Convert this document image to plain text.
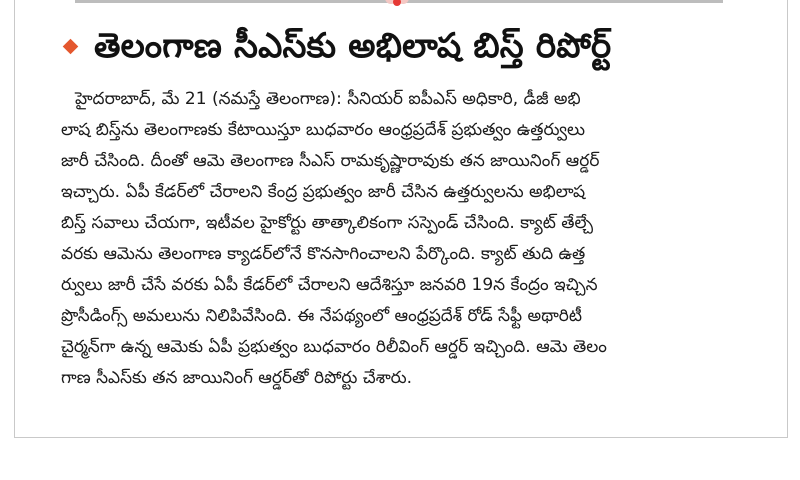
తెలంగాణ సీఎస్‌కు అభిలాష బిస్త్‌ రిపోర్ట్‌
హైదరాబాద్‌, మే 21 (నమస్తే తెలంగాణ): సీనియర్‌ ఐపీఎస్‌ అధికారి, డీజీ అభి
లాష బిస్త్‌ను తెలంగాణకు కేటాయిస్తూ బుధవారం ఆంధ్రప్రదేశ్‌ ప్రభుత్వం ఉత్తర్వులు
జారీ చేసింది. దీంతో ఆమె తెలంగాణ సీఎస్‌ రామకృష్ణారావుకు తన జాయినింగ్‌ ఆర్డర్‌
ఇచ్చారు. ఏపీ కేడర్‌లో చేరాలని కేంద్ర ప్రభుత్వం జారీ చేసిన ఉత్తర్వులను అభిలాష
బిస్త్‌ సవాలు చేయగా, ఇటీవల హైకోర్టు తాత్కాలికంగా సస్పెండ్‌ చేసింది. క్యాట్‌ తేల్చే
వరకు ఆమెను తెలంగాణ క్యాడర్‌లోనే కొనసాగించాలని పేర్కొంది. క్యాట్‌ తుది ఉత్త
ర్వులు జారీ చేసే వరకు ఏపీ కేడర్‌లో చేరాలని ఆదేశిస్తూ జనవరి 19న కేంద్రం ఇచ్చిన
ప్రొసీడింగ్స్‌ అమలును నిలిపివేసింది. ఈ నేపథ్యంలో ఆంధ్రప్రదేశ్‌ రోడ్‌ సేఫ్టీ అథారిటీ
చైర్మన్‌గా ఉన్న ఆమెకు ఏపీ ప్రభుత్వం బుధవారం రిలీవింగ్‌ ఆర్డర్‌ ఇచ్చింది. ఆమె తెలం
గాణ సీఎస్‌కు తన జాయినింగ్‌ ఆర్డర్‌తో రిపోర్టు చేశారు.
